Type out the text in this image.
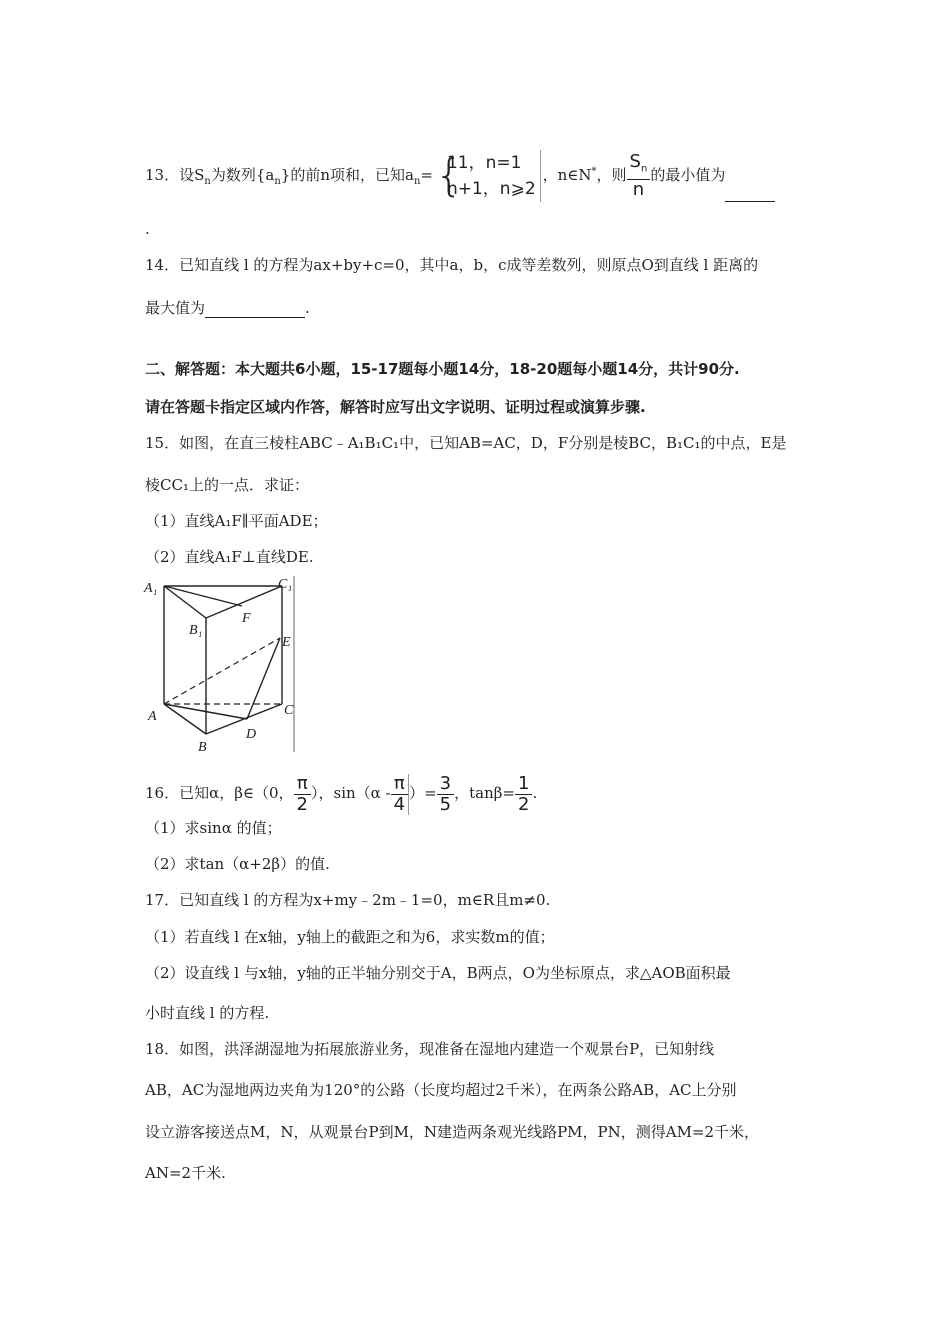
13．设$S_n$为数列$\{a_n\}$的前n项和，已知$a_n=$ {
11，n=1
n+1，n⩾2
，n∈N*，则 $\frac{S_n}{n}$ 的最小值为
.
14．已知直线 l 的方程为ax+by+c=0，其中a，b，c成等差数列，则原点O到直线 l 距离的
最大值为	.
二、解答题：本大题共6小题，15-17题每小题14分，18-20题每小题14分，共计90分.
请在答题卡指定区域内作答，解答时应写出文字说明、证明过程或演算步骤.
15．如图，在直三棱柱ABC﹣A₁B₁C₁中，已知AB=AC，D，F分别是棱BC，B₁C₁的中点，E是
棱CC₁上的一点．求证：
（1）直线A₁F∥平面ADE；
（2）直线A₁F⊥直线DE.
A₁	C₁
B₁
F
E
A	C
B
D
16．已知α，β∈（0， $\frac{\pi}{2}$ ），$\sin(\alpha - \frac{\pi}{4}$ ）= $\frac{3}{5}$ ，$\tan\beta= \frac{1}{2}$ .
（1）求sinα 的值；
（2）求tan（α+2β）的值.
17．已知直线 l 的方程为x+my﹣2m﹣1=0，m∈R且m≠0.
（1）若直线 l 在x轴，y轴上的截距之和为6，求实数m的值；
（2）设直线 l 与x轴，y轴的正半轴分别交于A，B两点，O为坐标原点，求△AOB面积最
小时直线 l 的方程.
18．如图，洪泽湖湿地为拓展旅游业务，现准备在湿地内建造一个观景台P，已知射线
AB，AC为湿地两边夹角为120°的公路（长度均超过2千米），在两条公路AB，AC上分别
设立游客接送点M，N，从观景台P到M，N建造两条观光线路PM，PN，测得AM=2千米，
AN=2千米.
